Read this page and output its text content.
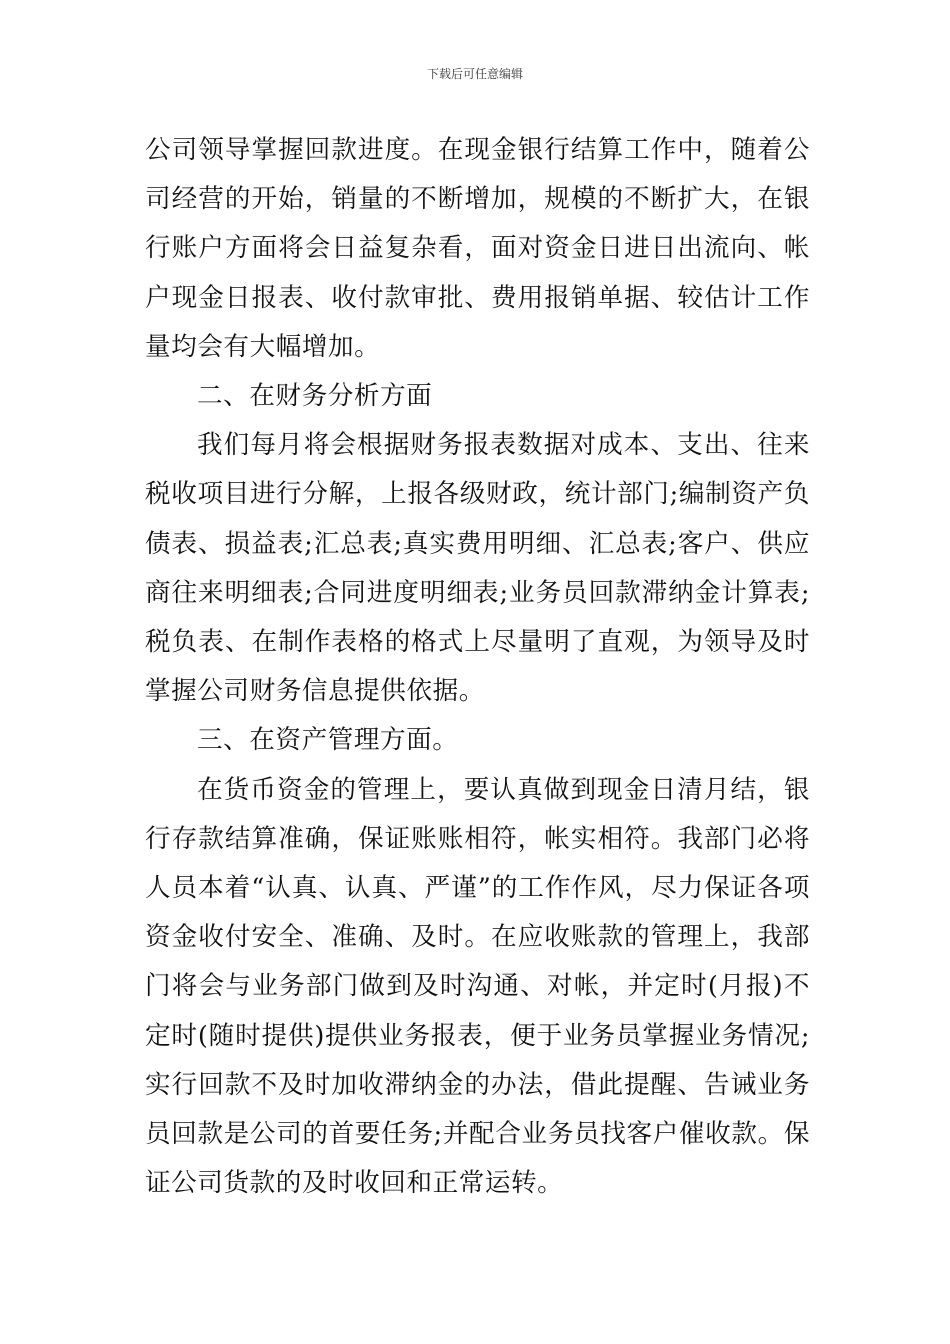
下载后可任意编辑

公司领导掌握回款进度。在现金银行结算工作中，随着公司经营的开始，销量的不断增加，规模的不断扩大，在银行账户方面将会日益复杂看，面对资金日进日出流向、帐户现金日报表、收付款审批、费用报销单据、较估计工作量均会有大幅增加。

二、在财务分析方面

我们每月将会根据财务报表数据对成本、支出、往来税收项目进行分解，上报各级财政，统计部门;编制资产负债表、损益表;汇总表;真实费用明细、汇总表;客户、供应商往来明细表;合同进度明细表;业务员回款滞纳金计算表;税负表、在制作表格的格式上尽量明了直观，为领导及时掌握公司财务信息提供依据。

三、在资产管理方面。

在货币资金的管理上，要认真做到现金日清月结，银行存款结算准确，保证账账相符，帐实相符。我部门必将人员本着“认真、认真、严谨”的工作作风，尽力保证各项资金收付安全、准确、及时。在应收账款的管理上，我部门将会与业务部门做到及时沟通、对帐，并定时(月报)不定时(随时提供)提供业务报表，便于业务员掌握业务情况;实行回款不及时加收滞纳金的办法，借此提醒、告诫业务员回款是公司的首要任务;并配合业务员找客户催收款。保证公司货款的及时收回和正常运转。
